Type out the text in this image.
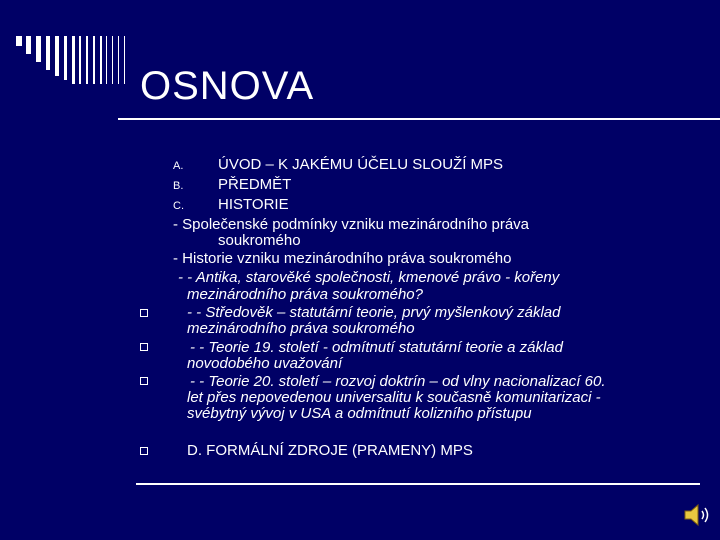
OSNOVA
A. ÚVOD – K JAKÉMU ÚČELU SLOUŽÍ MPS
B. PŘEDMĚT
C. HISTORIE
- Společenské podmínky vzniku mezinárodního práva
soukromého
- Historie vzniku mezinárodního práva soukromého
- - Antika, starověké společnosti, kmenové právo - kořeny
mezinárodního práva soukromého?
- - Středověk – statutární teorie, prvý myšlenkový základ
mezinárodního práva soukromého
- - Teorie 19. století - odmítnutí statutární teorie a základ
novodobého uvažování
- - Teorie 20. století – rozvoj doktrín – od vlny nacionalizací 60.
let přes nepovedenou universalitu k současně komunitarizaci -
svébytný vývoj v USA a odmítnutí kolizního přístupu
D. FORMÁLNÍ ZDROJE (PRAMENY) MPS
